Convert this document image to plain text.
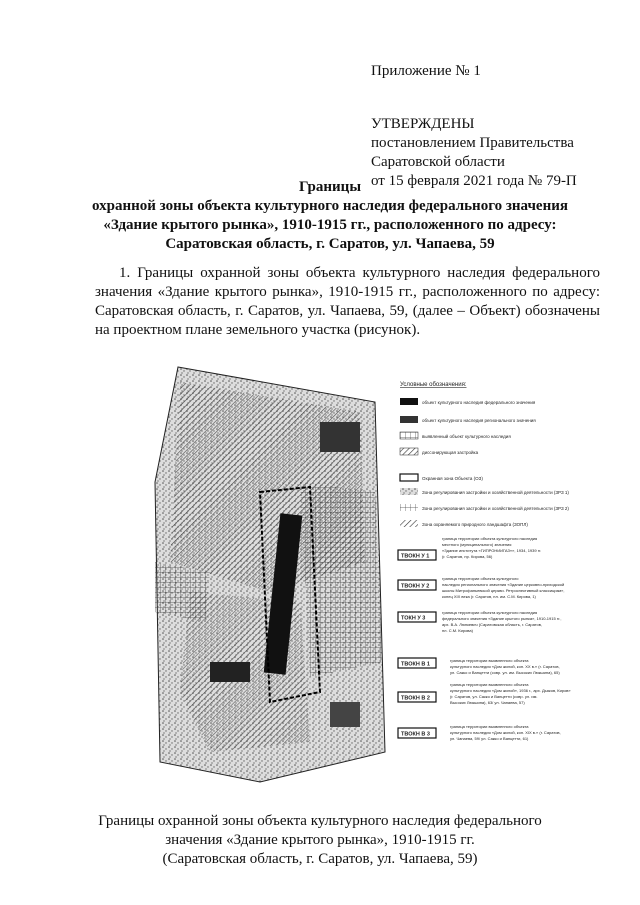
Приложение № 1
УТВЕРЖДЕНЫ
постановлением Правительства
Саратовской области
от 15 февраля 2021 года № 79-П
Границы
охранной зоны объекта культурного наследия федерального значения
«Здание крытого рынка», 1910-1915 гг., расположенного по адресу:
Саратовская область, г. Саратов, ул. Чапаева, 59
1. Границы охранной зоны объекта культурного наследия федерального значения «Здание крытого рынка», 1910-1915 гг., расположенного по адресу: Саратовская область, г. Саратов, ул. Чапаева, 59, (далее – Объект) обозначены на проектном плане земельного участка (рисунок).
Условные обозначения:
объект культурного наследия федерального значения
объект культурного наследия регионального значения
выявленный объект культурного наследия
диссонирующая застройка
Охранная зона Объекта (ОЗ)
Зона регулирования застройки и хозяйственной деятельности (ЗРЗ 1)
Зона регулирования застройки и хозяйственной деятельности (ЗРЗ 2)
Зона охраняемого природного ландшафта (ЗОПЛ)
ТВОКН У 1
граница территории объекта культурного наследия
местного (муниципального) значения
«Здание института «ГИПРОНИИГАЗ»», 1934, 1939 гг.
(г. Саратов, пр. Кирова, 56)
ТВОКН У 2
граница территории объекта культурного
наследия регионального значения «Здание церковно-приходской
школы Митрофаньевской церкви. Ретроспективный классицизм»,
конец XIX века (г. Саратов, пл. им. С.М. Кирова, 1)
ТОКН У 3
граница территории объекта культурного наследия
федерального значения «Здание крытого рынка», 1910-1915 гг.,
арх. В.А. Люнкевич (Саратовская область, г. Саратов,
пл. С.М. Кирова)
ТВОКН В 1
граница территории выявленного объекта
культурного наследия «Дом жилой, кон. XX в.» (г. Саратов,
ул. Сакко и Ванцетти (совр. ул. им. Высоких Люкшина), 65)
ТВОКН В 2
граница территории выявленного объекта
культурного наследия «Дом жилой», 1936 г., арх. Дьяков, Киров»
(г. Саратов, ул. Сакко и Ванцетти (совр. ул. им.
Высоких Люкшина), 63/ ул. Чапаева, 57)
ТВОКН В 3
граница территории выявленного объекта
культурного наследия «Дом жилой, кон. XIX в.» (г. Саратов,
ул. Чапаева, 59/ ул. Сакко и Ванцетти, 61)
Границы охранной зоны объекта культурного наследия федерального
значения «Здание крытого рынка», 1910-1915 гг.
(Саратовская область, г. Саратов, ул. Чапаева, 59)
